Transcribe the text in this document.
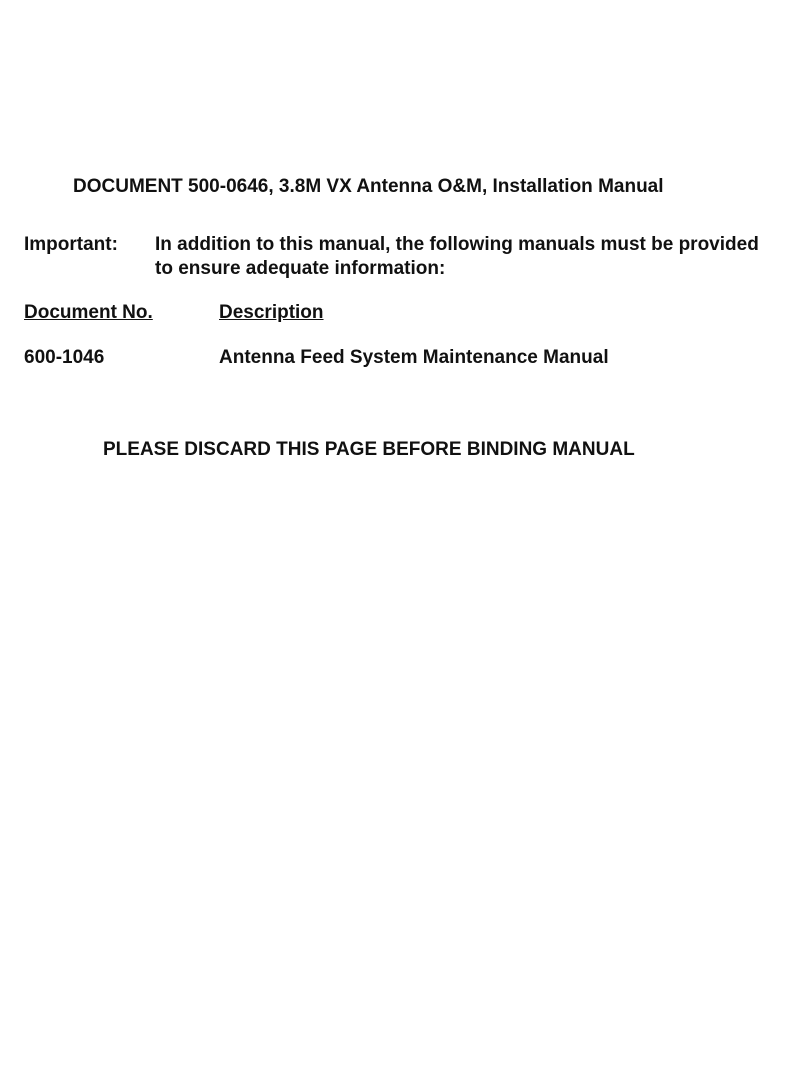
DOCUMENT 500-0646, 3.8M VX Antenna O&M, Installation Manual
Important: In addition to this manual, the following manuals must be provided
to ensure adequate information:
Document No.	Description
600-1046	Antenna Feed System Maintenance Manual
PLEASE DISCARD THIS PAGE BEFORE BINDING MANUAL
